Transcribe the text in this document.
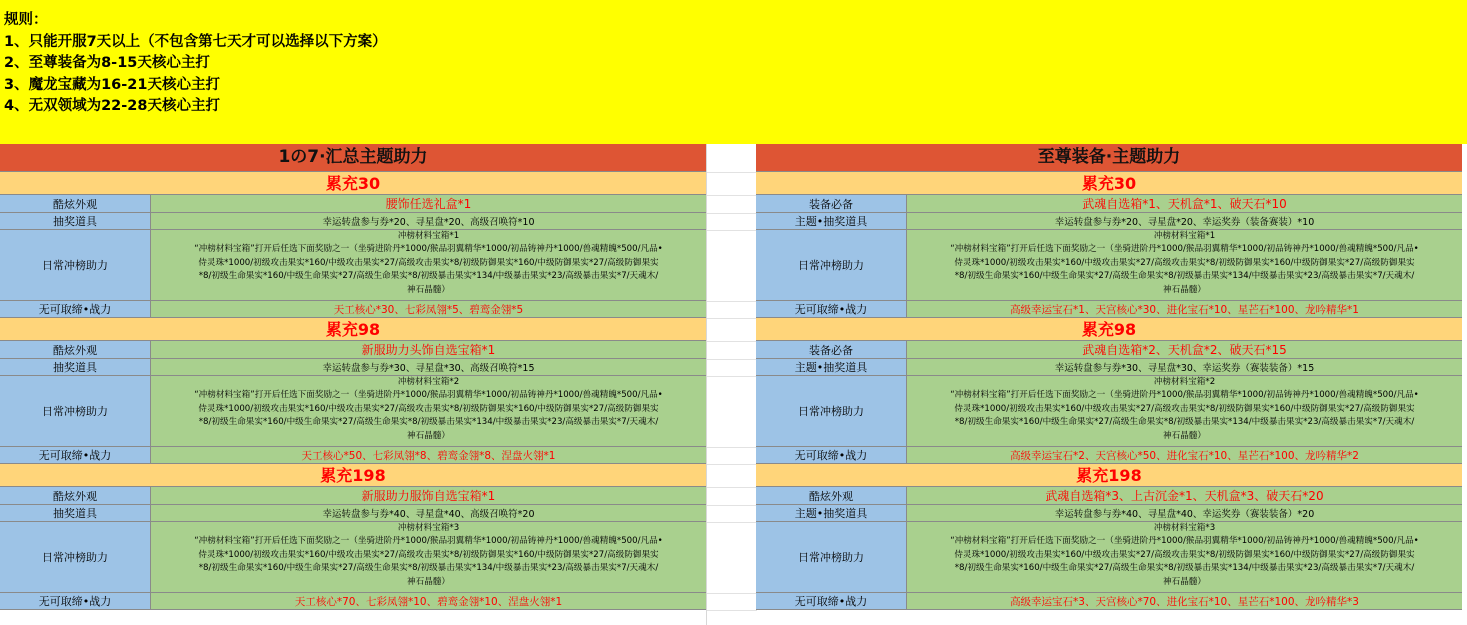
规则：
1、只能开服7天以上（不包含第七天才可以选择以下方案）
2、至尊装备为8-15天核心主打
3、魔龙宝藏为16-21天核心主打
4、无双领域为22-28天核心主打
1の7·汇总主题助力
累充30
酷炫外观	腰饰任选礼盒*1
抽奖道具	幸运转盘参与券*20、寻星盘*20、高级召唤符*10
日常冲榜助力
冲榜材料宝箱*1
“冲榜材料宝箱”打开后任选下面奖励之一（坐骑进阶丹*1000/猴品羽翼精华*1000/初品铸神丹*1000/兽魂精魄*500/凡品•
侍灵珠*1000/初级攻击果实*160/中级攻击果实*27/高级攻击果实*8/初级防御果实*160/中级防御果实*27/高级防御果实
*8/初级生命果实*160/中级生命果实*27/高级生命果实*8/初级暴击果实*134/中级暴击果实*23/高级暴击果实*7/天魂木/
神石晶髓）
无可取缔•战力	天工核心*30、七彩凤翎*5、碧鸾金翎*5
累充98
酷炫外观	新服助力头饰自选宝箱*1
抽奖道具	幸运转盘参与券*30、寻星盘*30、高级召唤符*15
日常冲榜助力
冲榜材料宝箱*2
“冲榜材料宝箱”打开后任选下面奖励之一（坐骑进阶丹*1000/猴品羽翼精华*1000/初品铸神丹*1000/兽魂精魄*500/凡品•
侍灵珠*1000/初级攻击果实*160/中级攻击果实*27/高级攻击果实*8/初级防御果实*160/中级防御果实*27/高级防御果实
*8/初级生命果实*160/中级生命果实*27/高级生命果实*8/初级暴击果实*134/中级暴击果实*23/高级暴击果实*7/天魂木/
神石晶髓）
无可取缔•战力	天工核心*50、七彩凤翎*8、碧鸾金翎*8、涅盘火翎*1
累充198
酷炫外观	新服助力服饰自选宝箱*1
抽奖道具	幸运转盘参与券*40、寻星盘*40、高级召唤符*20
日常冲榜助力
冲榜材料宝箱*3
“冲榜材料宝箱”打开后任选下面奖励之一（坐骑进阶丹*1000/猴品羽翼精华*1000/初品铸神丹*1000/兽魂精魄*500/凡品•
侍灵珠*1000/初级攻击果实*160/中级攻击果实*27/高级攻击果实*8/初级防御果实*160/中级防御果实*27/高级防御果实
*8/初级生命果实*160/中级生命果实*27/高级生命果实*8/初级暴击果实*134/中级暴击果实*23/高级暴击果实*7/天魂木/
神石晶髓）
无可取缔•战力	天工核心*70、七彩凤翎*10、碧鸾金翎*10、涅盘火翎*1
至尊装备·主题助力
累充30
装备必备	武魂自选箱*1、天机盒*1、破天石*10
主题•抽奖道具	幸运转盘参与券*20、寻星盘*20、幸运奖券（装备赛装）*10
日常冲榜助力
冲榜材料宝箱*1
“冲榜材料宝箱”打开后任选下面奖励之一（坐骑进阶丹*1000/猴品羽翼精华*1000/初品铸神丹*1000/兽魂精魄*500/凡品•
侍灵珠*1000/初级攻击果实*160/中级攻击果实*27/高级攻击果实*8/初级防御果实*160/中级防御果实*27/高级防御果实
*8/初级生命果实*160/中级生命果实*27/高级生命果实*8/初级暴击果实*134/中级暴击果实*23/高级暴击果实*7/天魂木/
神石晶髓）
无可取缔•战力	高级幸运宝石*1、天宫核心*30、进化宝石*10、星芒石*100、龙吟精华*1
累充98
装备必备	武魂自选箱*2、天机盒*2、破天石*15
主题•抽奖道具	幸运转盘参与券*30、寻星盘*30、幸运奖券（赛装装备）*15
日常冲榜助力
冲榜材料宝箱*2
“冲榜材料宝箱”打开后任选下面奖励之一（坐骑进阶丹*1000/猴品羽翼精华*1000/初品铸神丹*1000/兽魂精魄*500/凡品•
侍灵珠*1000/初级攻击果实*160/中级攻击果实*27/高级攻击果实*8/初级防御果实*160/中级防御果实*27/高级防御果实
*8/初级生命果实*160/中级生命果实*27/高级生命果实*8/初级暴击果实*134/中级暴击果实*23/高级暴击果实*7/天魂木/
神石晶髓）
无可取缔•战力	高级幸运宝石*2、天宫核心*50、进化宝石*10、星芒石*100、龙吟精华*2
累充198
酷炫外观	武魂自选箱*3、上古沉金*1、天机盒*3、破天石*20
主题•抽奖道具	幸运转盘参与券*40、寻星盘*40、幸运奖券（赛装装备）*20
日常冲榜助力
冲榜材料宝箱*3
“冲榜材料宝箱”打开后任选下面奖励之一（坐骑进阶丹*1000/猴品羽翼精华*1000/初品铸神丹*1000/兽魂精魄*500/凡品•
侍灵珠*1000/初级攻击果实*160/中级攻击果实*27/高级攻击果实*8/初级防御果实*160/中级防御果实*27/高级防御果实
*8/初级生命果实*160/中级生命果实*27/高级生命果实*8/初级暴击果实*134/中级暴击果实*23/高级暴击果实*7/天魂木/
神石晶髓）
无可取缔•战力	高级幸运宝石*3、天宫核心*70、进化宝石*10、星芒石*100、龙吟精华*3
